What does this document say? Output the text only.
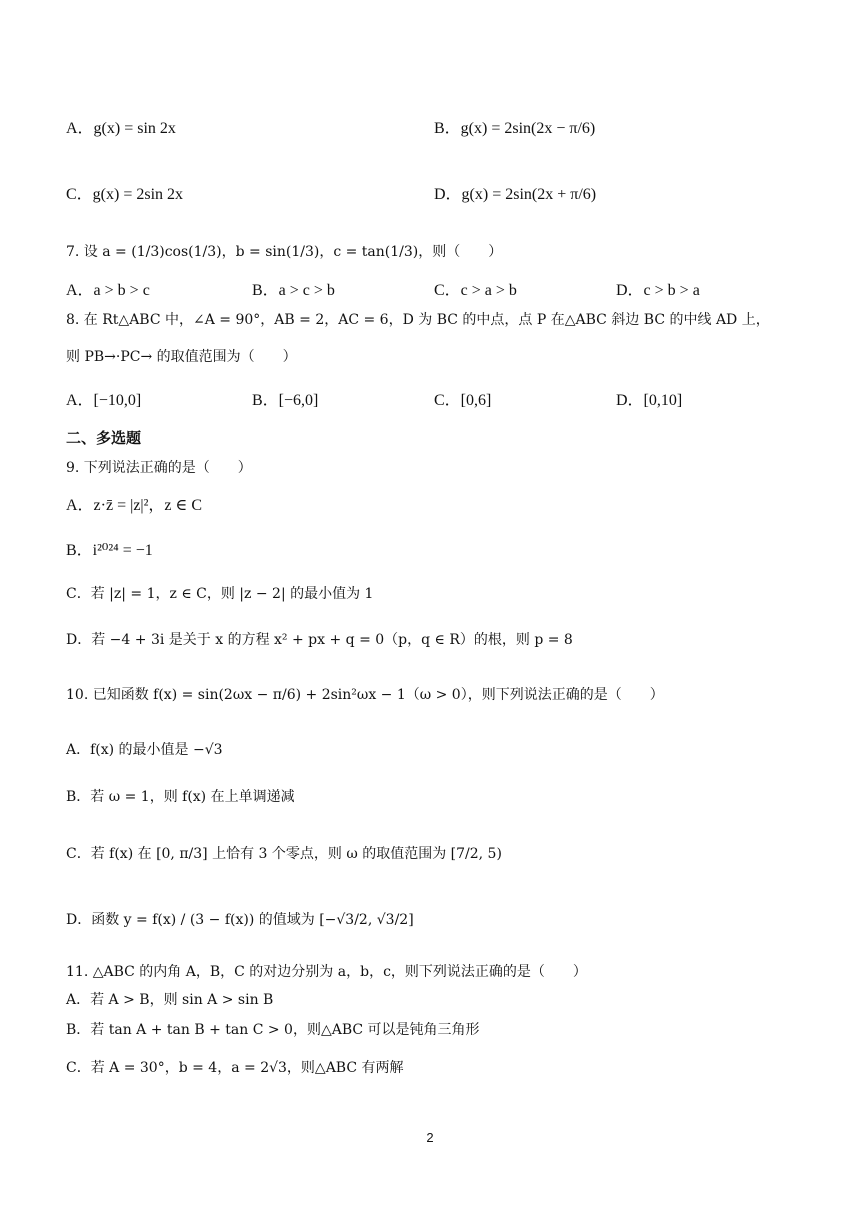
A．g(x) = sin 2x	B．g(x) = 2sin(2x − π/6)
C．g(x) = 2sin 2x	D．g(x) = 2sin(2x + π/6)
7. 设 a = (1/3)cos(1/3)，b = sin(1/3)，c = tan(1/3)，则（　　）
A．a > b > c	B．a > c > b	C．c > a > b	D．c > b > a
8. 在 Rt△ABC 中，∠A = 90°，AB = 2，AC = 6，D 为 BC 的中点，点 P 在△ABC 斜边 BC 的中线 AD 上，
则 PB→·PC→ 的取值范围为（　　）
A．[−10,0]	B．[−6,0]	C．[0,6]	D．[0,10]
二、多选题
9. 下列说法正确的是（　　）
A．z·z̄ = |z|²，z ∈ C
B．i²⁰²⁴ = −1
C．若 |z| = 1，z ∈ C，则 |z − 2| 的最小值为 1
D．若 −4 + 3i 是关于 x 的方程 x² + px + q = 0（p，q ∈ R）的根，则 p = 8
10. 已知函数 f(x) = sin(2ωx − π/6) + 2sin²ωx − 1（ω > 0），则下列说法正确的是（　　）
A．f(x) 的最小值是 −√3
B．若 ω = 1，则 f(x) 在上单调递减
C．若 f(x) 在 [0, π/3] 上恰有 3 个零点，则 ω 的取值范围为 [7/2, 5)
D．函数 y = f(x) / (3 − f(x)) 的值域为 [−√3/2, √3/2]
11. △ABC 的内角 A，B，C 的对边分别为 a，b，c，则下列说法正确的是（　　）
A．若 A > B，则 sin A > sin B
B．若 tan A + tan B + tan C > 0，则△ABC 可以是钝角三角形
C．若 A = 30°，b = 4，a = 2√3，则△ABC 有两解
2
